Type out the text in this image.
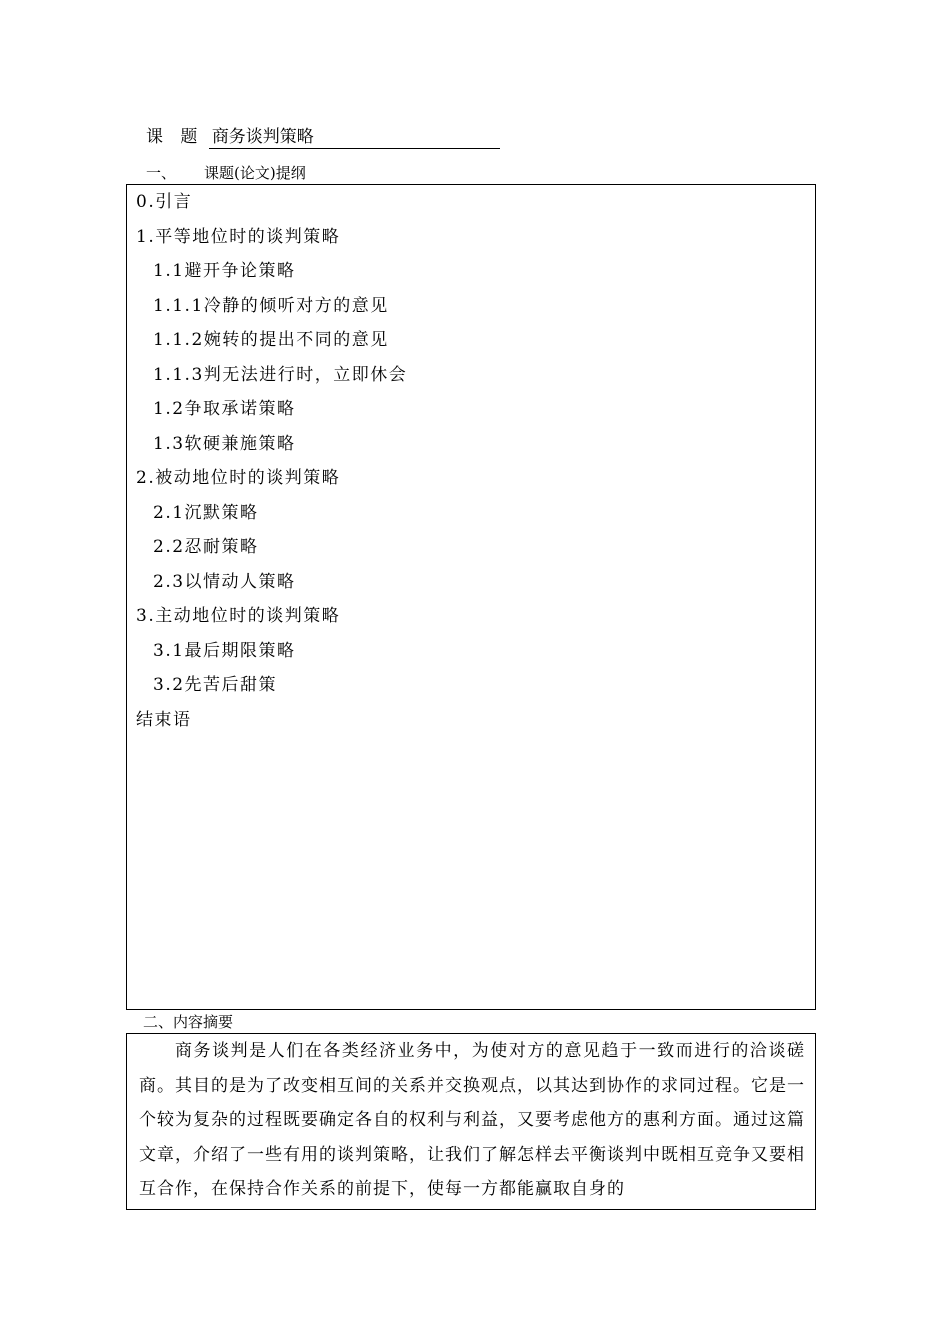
课 题 商务谈判策略
一、 课题(论文)提纲
0.引言
1.平等地位时的谈判策略
1.1避开争论策略
1.1.1冷静的倾听对方的意见
1.1.2婉转的提出不同的意见
1.1.3判无法进行时，立即休会
1.2争取承诺策略
1.3软硬兼施策略
2.被动地位时的谈判策略
2.1沉默策略
2.2忍耐策略
2.3以情动人策略
3.主动地位时的谈判策略
3.1最后期限策略
3.2先苦后甜策
结束语
二、内容摘要

商务谈判是人们在各类经济业务中，为使对方的意见趋于一致而进行的洽谈磋商。其目的是为了改变相互间的关系并交换观点，以其达到协作的求同过程。它是一个较为复杂的过程既要确定各自的权利与利益，又要考虑他方的惠利方面。通过这篇文章，介绍了一些有用的谈判策略，让我们了解怎样去平衡谈判中既相互竞争又要相互合作，在保持合作关系的前提下，使每一方都能赢取自身的
